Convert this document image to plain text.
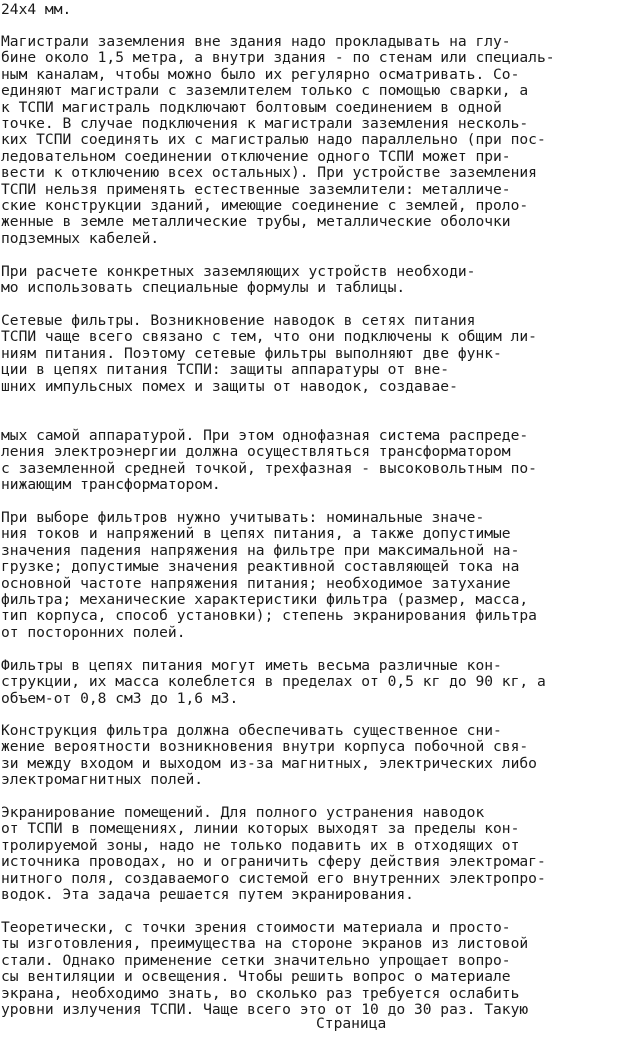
24х4 мм.
Магистрали заземления вне здания надо прокладывать на глу-
бине около 1,5 метра, а внутри здания - по стенам или специаль-
ным каналам, чтобы можно было их регулярно осматривать. Со-
единяют магистрали с заземлителем только с помощью сварки, а
к ТСПИ магистраль подключают болтовым соединением в одной
точке. В случае подключения к магистрали заземления несколь-
ких ТСПИ соединять их с магистралью надо параллельно (при пос-
ледовательном соединении отключение одного ТСПИ может при-
вести к отключению всех остальных). При устройстве заземления
ТСПИ нельзя применять естественные заземлители: металличе-
ские конструкции зданий, имеющие соединение с землей, проло-
женные в земле металлические трубы, металлические оболочки
подземных кабелей.
При расчете конкретных заземляющих устройств необходи-
мо использовать специальные формулы и таблицы.
Сетевые фильтры. Возникновение наводок в сетях питания
ТСПИ чаще всего связано с тем, что они подключены к общим ли-
ниям питания. Поэтому сетевые фильтры выполняют две функ-
ции в цепях питания ТСПИ: защиты аппаратуры от вне-
шних импульсных помех и защиты от наводок, создавае-
мых самой аппаратурой. При этом однофазная система распреде-
ления электроэнергии должна осуществляться трансформатором
с заземленной средней точкой, трехфазная - высоковольтным по-
нижающим трансформатором.
При выборе фильтров нужно учитывать: номинальные значе-
ния токов и напряжений в цепях питания, а также допустимые
значения падения напряжения на фильтре при максимальной на-
грузке; допустимые значения реактивной составляющей тока на
основной частоте напряжения питания; необходимое затухание
фильтра; механические характеристики фильтра (размер, масса,
тип корпуса, способ установки); степень экранирования фильтра
от посторонних полей.
Фильтры в цепях питания могут иметь весьма различные кон-
струкции, их масса колеблется в пределах от 0,5 кг до 90 кг, а
объем-от 0,8 см3 до 1,6 м3.
Конструкция фильтра должна обеспечивать существенное сни-
жение вероятности возникновения внутри корпуса побочной свя-
зи между входом и выходом из-за магнитных, электрических либо
электромагнитных полей.
Экранирование помещений. Для полного устранения наводок
от ТСПИ в помещениях, линии которых выходят за пределы кон-
тролируемой зоны, надо не только подавить их в отходящих от
источника проводах, но и ограничить сферу действия электромаг-
нитного поля, создаваемого системой его внутренних электропро-
водок. Эта задача решается путем экранирования.
Теоретически, с точки зрения стоимости материала и просто-
ты изготовления, преимущества на стороне экранов из листовой
стали. Однако применение сетки значительно упрощает вопро-
сы вентиляции и освещения. Чтобы решить вопрос о материале
экрана, необходимо знать, во сколько раз требуется ослабить
уровни излучения ТСПИ. Чаще всего это от 10 до 30 раз. Такую
Страница
